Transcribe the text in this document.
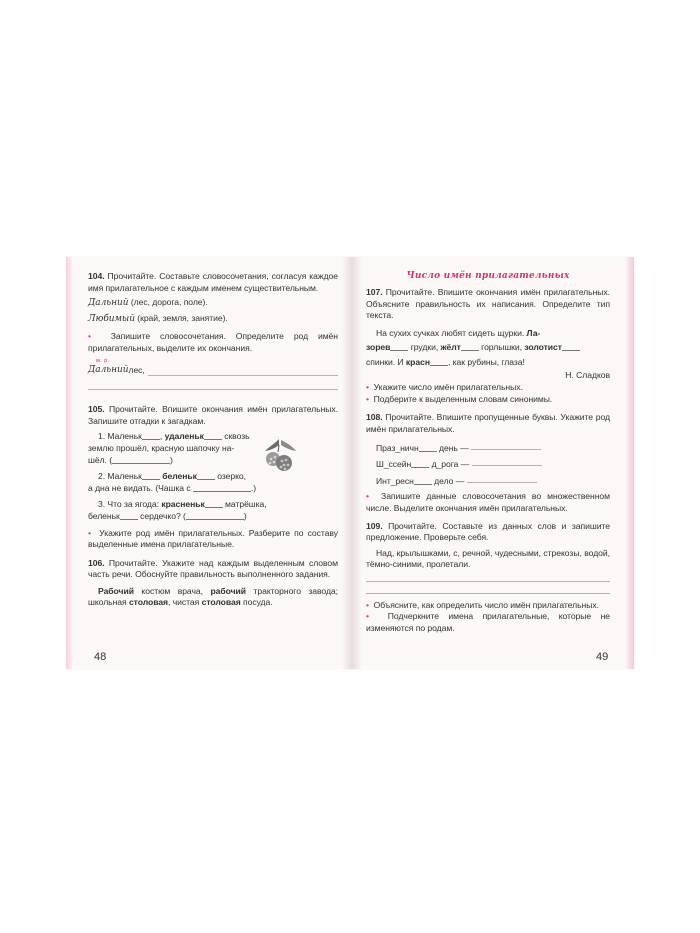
104. Прочитайте. Составьте словосочетания, согласуя каждое имя прилагательное с каждым именем существительным.

Дальний (лес, дорога, поле).

Любимый (край, земля, занятие).

• Запишите словосочетания. Определите род имён прилагательных, выделите их окончания.

м. р.

Дальний лес,

105. Прочитайте. Впишите окончания имён прилагательных. Запишите отгадки к загадкам.

1. Маленьк , удаленьк сквозь

землю прошёл, красную шапочку на-

шёл. (	)

2. Маленьк беленьк озерко,

а дна не видать. (Чашка с	.)

3. Что за ягода: красненьк матрёшка,

беленьк сердечко? (	)

• Укажите род имён прилагательных. Разберите по составу выделенные имена прилагательные.

106. Прочитайте. Укажите над каждым выделенным словом часть речи. Обоснуйте правильность выполненного задания.

Рабочий костюм врача, рабочий тракторного завода; школьная столовая, чистая столовая посуда.

48
Число имён прилагательных

107. Прочитайте. Впишите окончания имён прилагательных. Объясните правильность их написания. Определите тип текста.

На сухих сучках любят сидеть щурки. Ла-

зорев грудки, жёлт горлышки, золотист

спинки. И красн , как рубины, глаза!

Н. Сладков

• Укажите число имён прилагательных.

• Подберите к выделенным словам синонимы.

108. Прочитайте. Впишите пропущенные буквы. Укажите род имён прилагательных.

Праз_ничн день —

Ш_ссейн д_рога —

Инт_ресн дело —

• Запишите данные словосочетания во множественном числе. Выделите окончания имён прилагательных.

109. Прочитайте. Составьте из данных слов и запишите предложение. Проверьте себя.

Над, крылышками, с, речной, чудесными, стрекозы, водой, тёмно-синими, пролетали.

• Объясните, как определить число имён прилагательных.

• Подчеркните имена прилагательные, которые не изменяются по родам.

49
